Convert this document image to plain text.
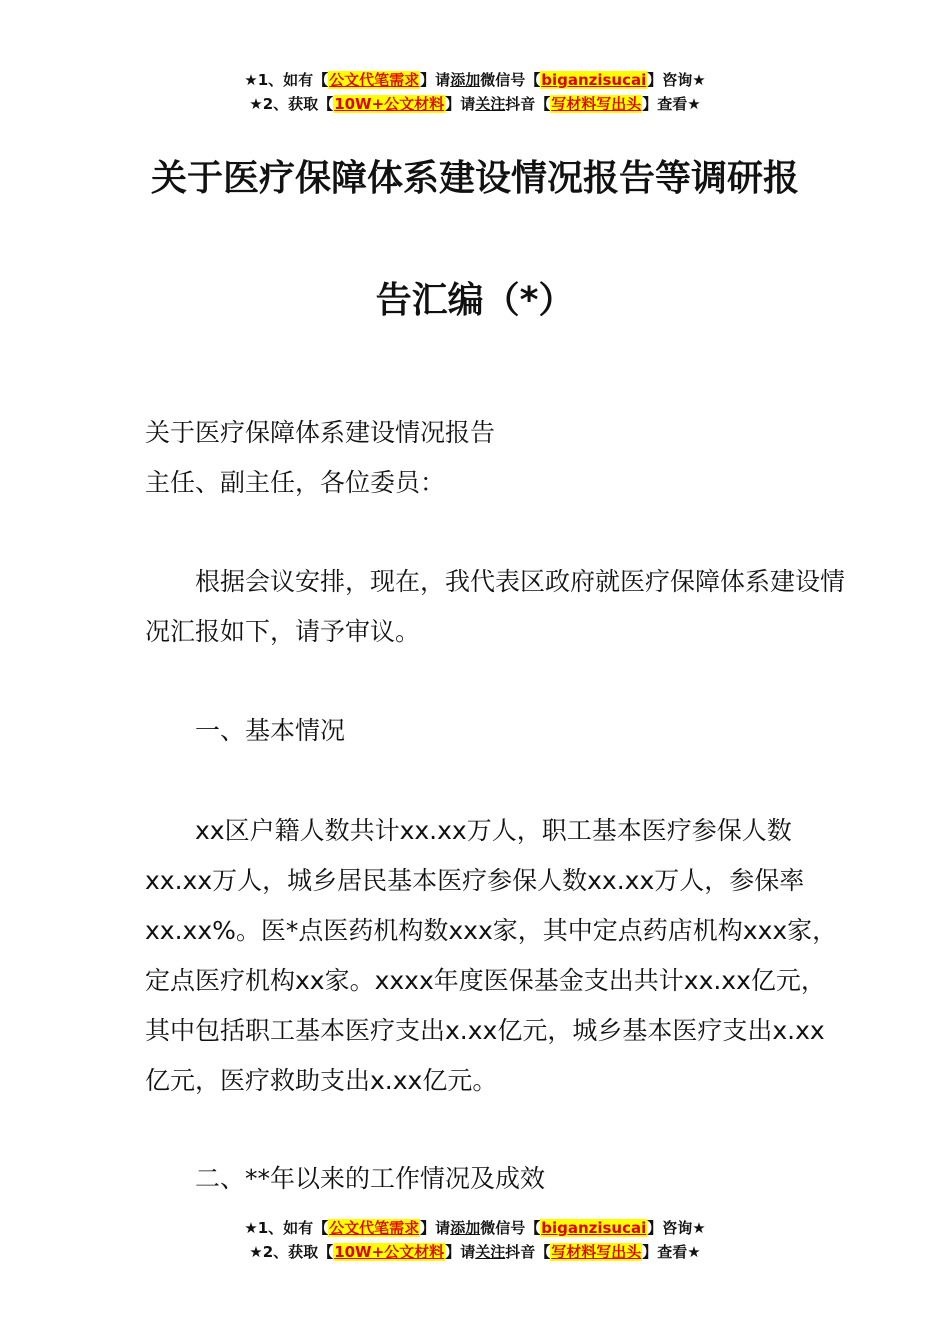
★1、如有【公文代笔需求】请添加微信号【biganzisucai】咨询★
★2、获取【10W+公文材料】请关注抖音【写材料写出头】查看★
关于医疗保障体系建设情况报告等调研报
告汇编（*）
关于医疗保障体系建设情况报告
主任、副主任，各位委员：
根据会议安排，现在，我代表区政府就医疗保障体系建设情况汇报如下，请予审议。
一、基本情况
xx区户籍人数共计xx.xx万人，职工基本医疗参保人数xx.xx万人，城乡居民基本医疗参保人数xx.xx万人，参保率xx.xx%。医*点医药机构数xxx家，其中定点药店机构xxx家，定点医疗机构xx家。xxxx年度医保基金支出共计xx.xx亿元，其中包括职工基本医疗支出x.xx亿元，城乡基本医疗支出x.xx亿元，医疗救助支出x.xx亿元。
二、**年以来的工作情况及成效
★1、如有【公文代笔需求】请添加微信号【biganzisucai】咨询★
★2、获取【10W+公文材料】请关注抖音【写材料写出头】查看★
